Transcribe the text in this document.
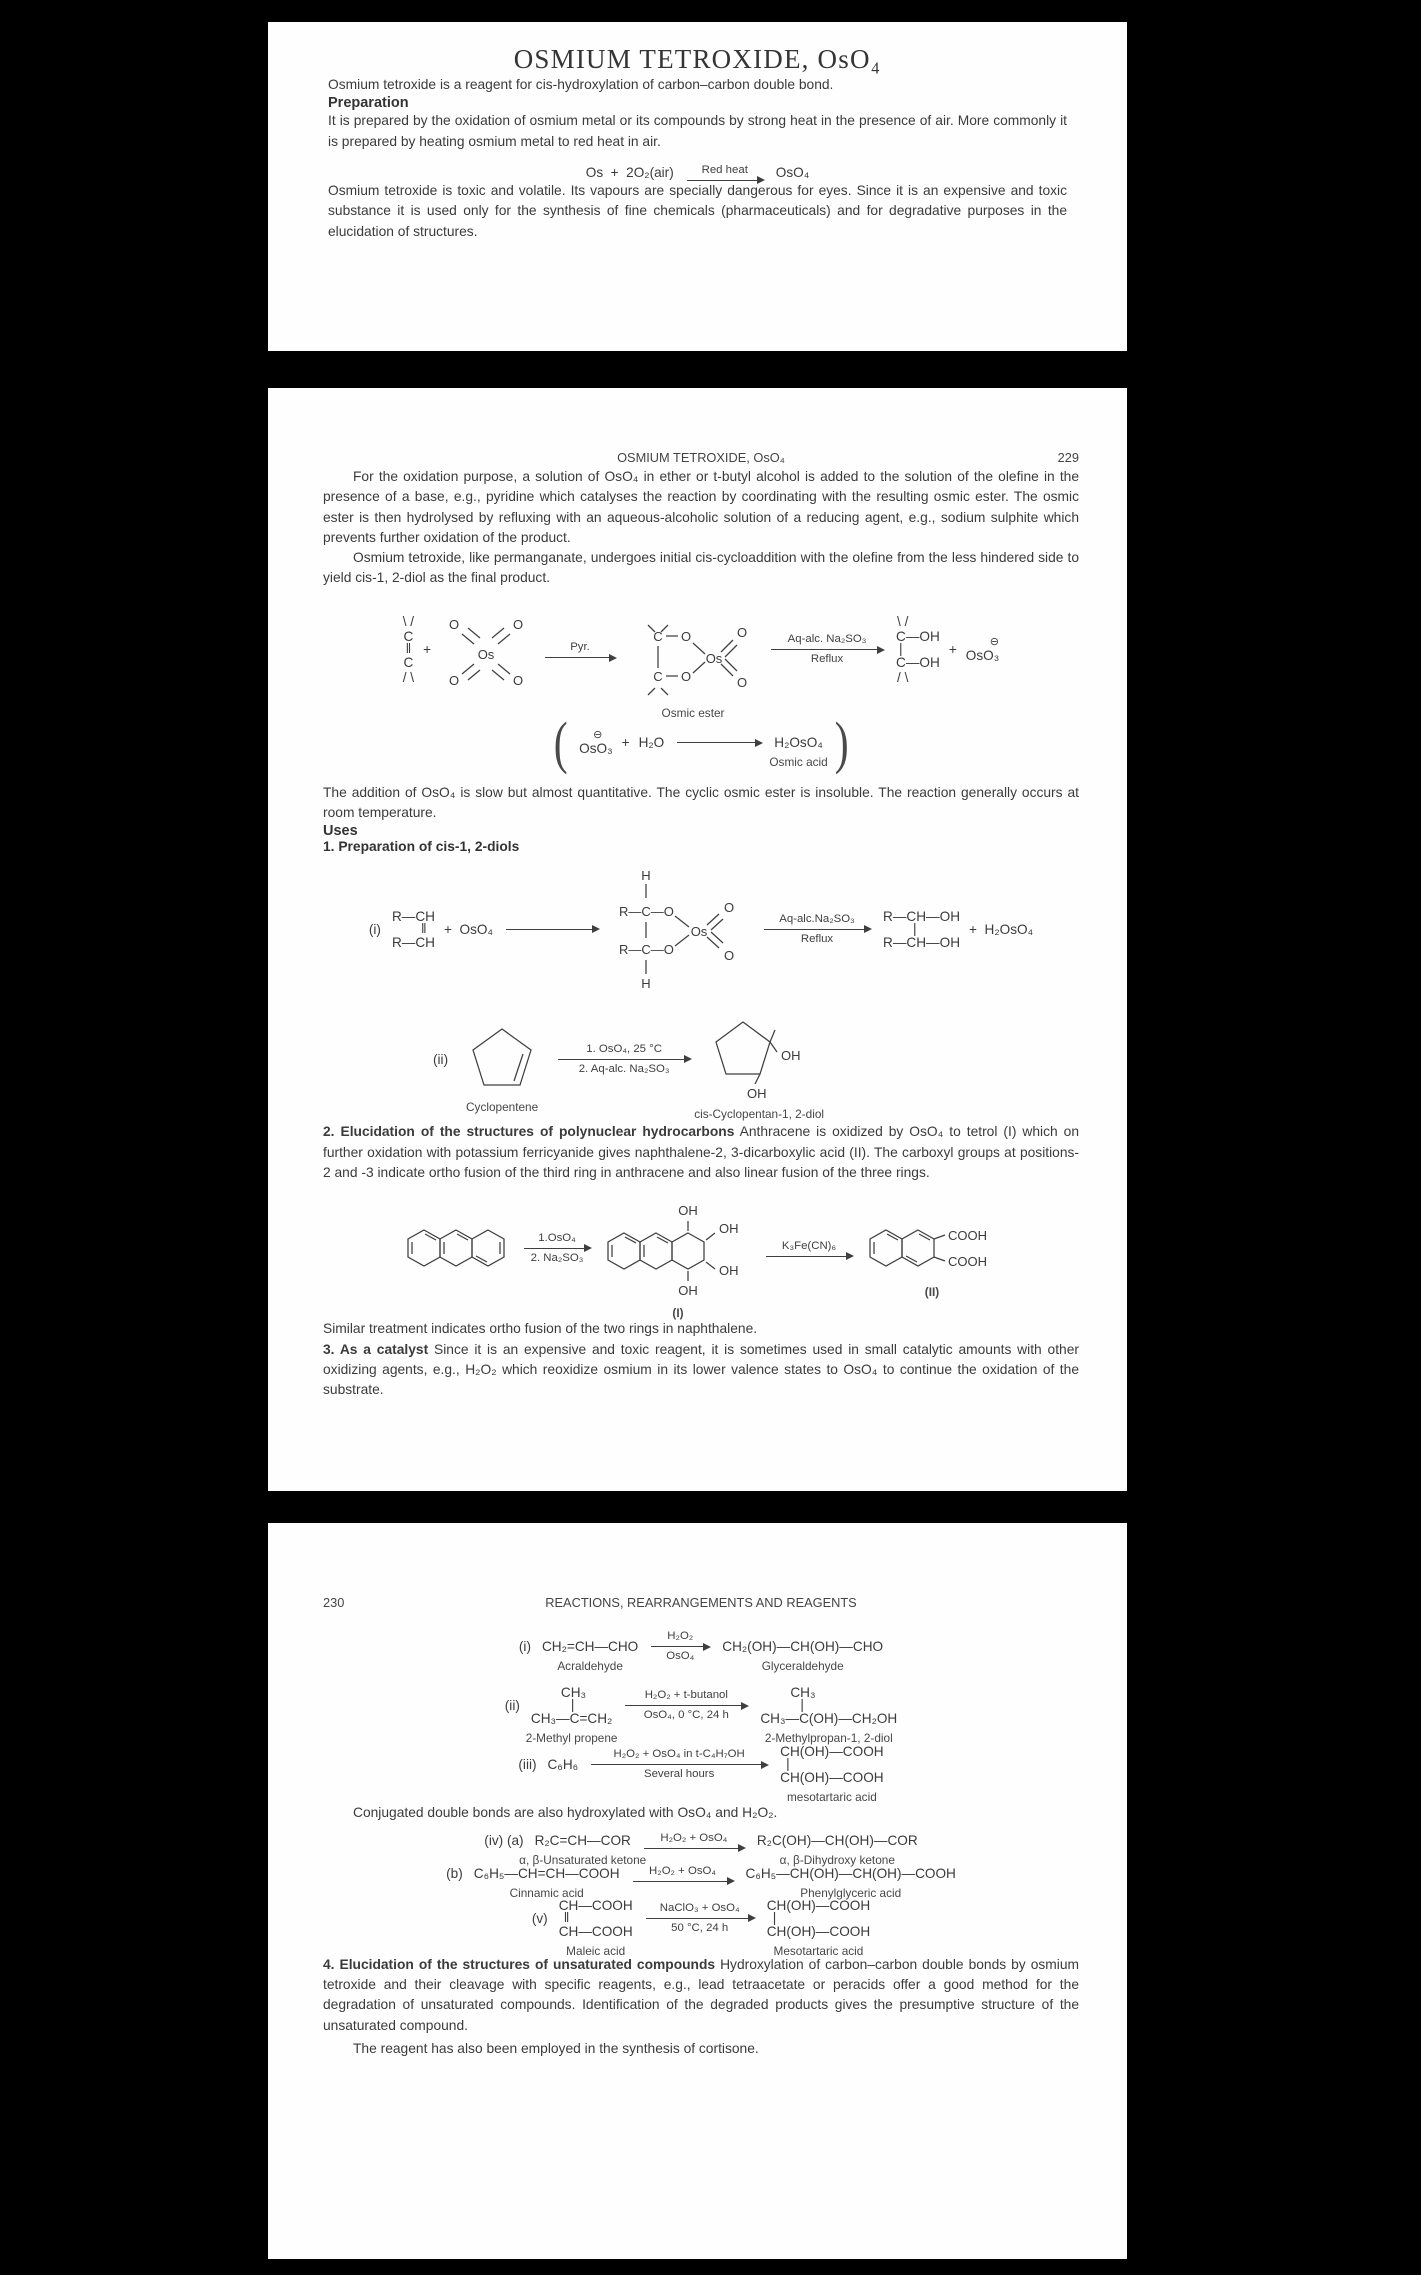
OSMIUM TETROXIDE, OsO₄

Osmium tetroxide is a reagent for cis-hydroxylation of carbon–carbon double bond.

Preparation

It is prepared by the oxidation of osmium metal or its compounds by strong heat in the presence of air. More commonly it is prepared by heating osmium metal to red heat in air.

Os  +  2O₂(air) Red heat OsO₄

Osmium tetroxide is toxic and volatile. Its vapours are specially dangerous for eyes. Since it is an expensive and toxic substance it is used only for the synthesis of fine chemicals (pharmaceuticals) and for degradative purposes in the elucidation of structures.

OSMIUM TETROXIDE, OsO₄	229

For the oxidation purpose, a solution of OsO₄ in ether or t-butyl alcohol is added to the solution of the olefine in the presence of a base, e.g., pyridine which catalyses the reaction by coordinating with the resulting osmic ester. The osmic ester is then hydrolysed by refluxing with an aqueous-alcoholic solution of a reducing agent, e.g., sodium sulphite which prevents further oxidation of the product.

Osmium tetroxide, like permanganate, undergoes initial cis-cycloaddition with the olefine from the less hindered side to yield cis-1, 2-diol as the final product.

\ /
C
‖
C
/ \
+	Os
O	O
O	O
Pyr.
C
C
O
O
Os
O
O
Osmic ester
Aq-alc. Na₂SO₃
Reflux
\ /
C—OH
|
C—OH
/ \
+
⊖
OsO₃
(	⊖
OsO₃ + H₂O	H₂OsO₄
Osmic acid )

The addition of OsO₄ is slow but almost quantitative. The cyclic osmic ester is insoluble. The reaction generally occurs at room temperature.

Uses
1. Preparation of cis-1, 2-diols
(i)
R—CH
‖
R—CH
+  OsO₄
H
R—C—O
R—C—O
H
Os
O
O
Aq-alc.Na₂SO₃
Reflux
R—CH—OH
|
R—CH—OH
+  H₂OsO₄
(ii)
Cyclopentene
1. OsO₄, 25 °C
2. Aq-alc. Na₂SO₃
OH
OH
cis-Cyclopentan-1, 2-diol

2. Elucidation of the structures of polynuclear hydrocarbons Anthracene is oxidized by OsO₄ to tetrol (I) which on further oxidation with potassium ferricyanide gives naphthalene-2, 3-dicarboxylic acid (II). The carboxyl groups at positions-2 and -3 indicate ortho fusion of the third ring in anthracene and also linear fusion of the three rings.

1.OsO₄
2. Na₂SO₃
OH
OH
OH
OH
(I)
K₃Fe(CN)₆
COOH
COOH
(II)

Similar treatment indicates ortho fusion of the two rings in naphthalene.

3. As a catalyst Since it is an expensive and toxic reagent, it is sometimes used in small catalytic amounts with other oxidizing agents, e.g., H₂O₂ which reoxidize osmium in its lower valence states to OsO₄ to continue the oxidation of the substrate.

230	REACTIONS, REARRANGEMENTS AND REAGENTS
(i) CH₂=CH—CHO
Acraldehyde
H₂O₂
OsO₄
CH₂(OH)—CH(OH)—CHO
Glyceraldehyde
(ii)
CH₃
|
CH₃—C=CH₂
2-Methyl propene
H₂O₂ + t-butanol
OsO₄, 0 °C, 24 h
CH₃
|
CH₃—C(OH)—CH₂OH
2-Methylpropan-1, 2-diol
(iii) C₆H₆
H₂O₂ + OsO₄ in t-C₄H₇OH
Several hours
CH(OH)—COOH
|
CH(OH)—COOH
mesotartaric acid

Conjugated double bonds are also hydroxylated with OsO₄ and H₂O₂.

(iv) (a) R₂C=CH—COR
α, β-Unsaturated ketone
H₂O₂ + OsO₄ R₂C(OH)—CH(OH)—COR
α, β-Dihydroxy ketone
(b) C₆H₅—CH=CH—COOH
Cinnamic acid
H₂O₂ + OsO₄ C₆H₅—CH(OH)—CH(OH)—COOH
Phenylglyceric acid
(v)
CH—COOH
‖
CH—COOH
Maleic acid
NaClO₃ + OsO₄
50 °C, 24 h
CH(OH)—COOH
|
CH(OH)—COOH
Mesotartaric acid

4. Elucidation of the structures of unsaturated compounds Hydroxylation of carbon–carbon double bonds by osmium tetroxide and their cleavage with specific reagents, e.g., lead tetraacetate or peracids offer a good method for the degradation of unsaturated compounds. Identification of the degraded products gives the presumptive structure of the unsaturated compound.

The reagent has also been employed in the synthesis of cortisone.
